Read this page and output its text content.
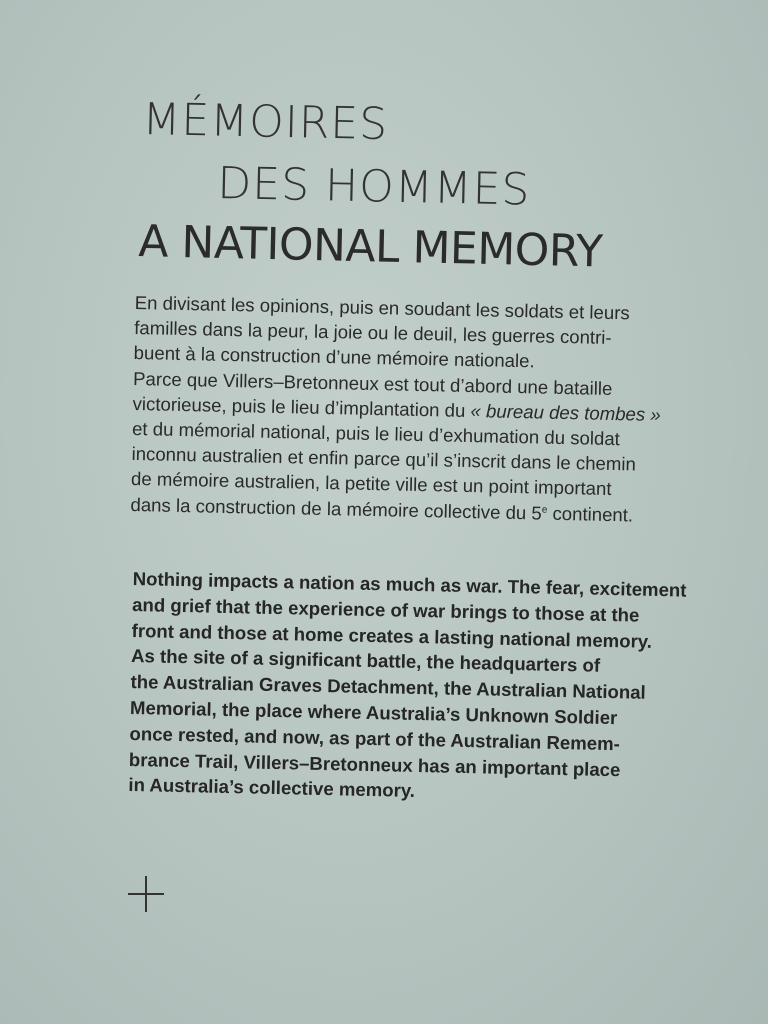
MÉMOIRES
DES HOMMES
A NATIONAL MEMORY
En divisant les opinions, puis en soudant les soldats et leurs
familles dans la peur, la joie ou le deuil, les guerres contri-
buent à la construction d’une mémoire nationale.
Parce que Villers–Bretonneux est tout d’abord une bataille
victorieuse, puis le lieu d’implantation du « bureau des tombes »
et du mémorial national, puis le lieu d’exhumation du soldat
inconnu australien et enfin parce qu’il s’inscrit dans le chemin
de mémoire australien, la petite ville est un point important
dans la construction de la mémoire collective du 5e continent.
Nothing impacts a nation as much as war. The fear, excitement
and grief that the experience of war brings to those at the
front and those at home creates a lasting national memory.
As the site of a significant battle, the headquarters of
the Australian Graves Detachment, the Australian National
Memorial, the place where Australia’s Unknown Soldier
once rested, and now, as part of the Australian Remem-
brance Trail, Villers–Bretonneux has an important place
in Australia’s collective memory.
